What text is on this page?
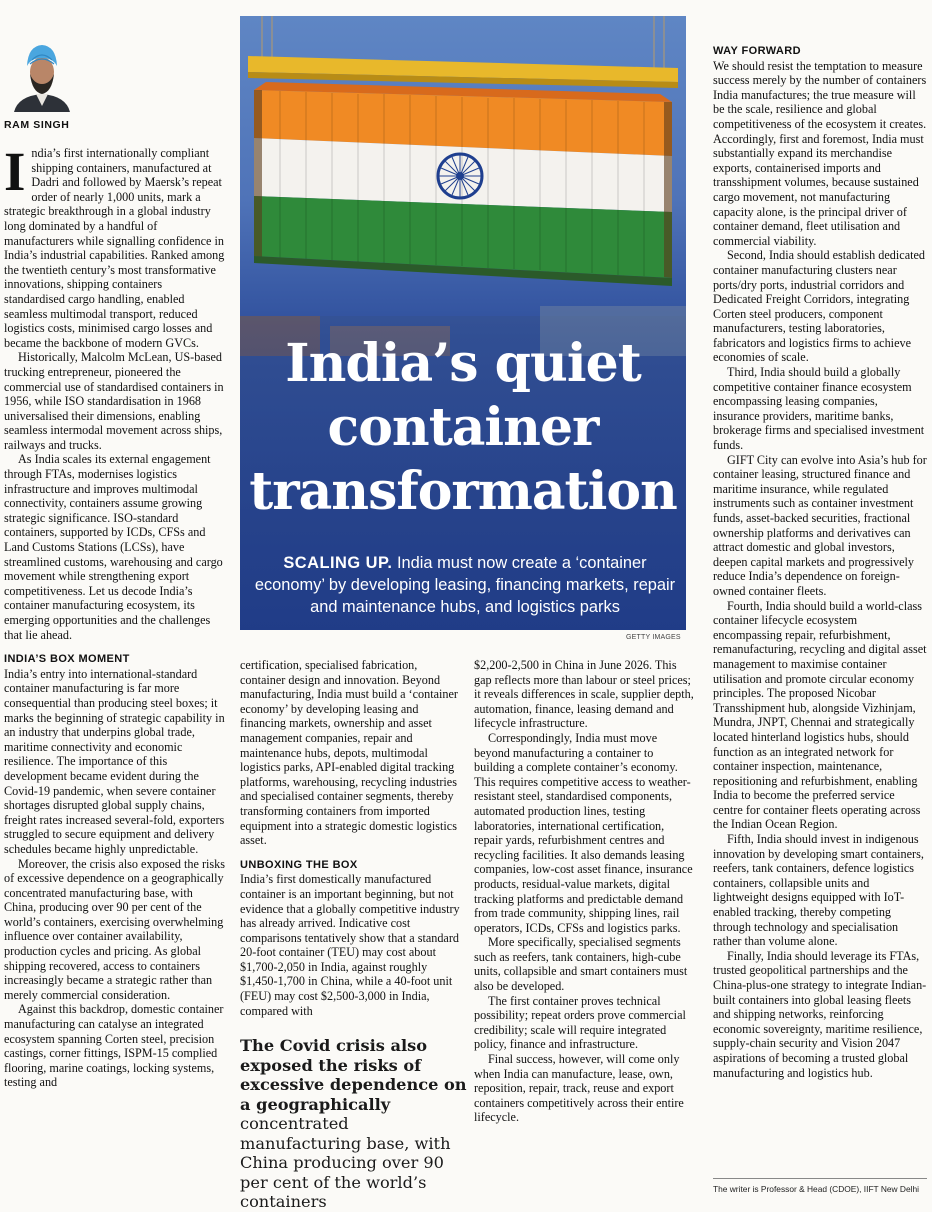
RAM SINGH

India’s first internationally compliant shipping containers, manufactured at Dadri and followed by Maersk’s repeat order of nearly 1,000 units, mark a strategic breakthrough in a global industry long dominated by a handful of manufacturers while signalling confidence in India’s industrial capabilities. Ranked among the twentieth century’s most transformative innovations, shipping containers standardised cargo handling, enabled seamless multimodal transport, reduced logistics costs, minimised cargo losses and became the backbone of modern GVCs.

Historically, Malcolm McLean, US-based trucking entrepreneur, pioneered the commercial use of standardised containers in 1956, while ISO standardisation in 1968 universalised their dimensions, enabling seamless intermodal movement across ships, railways and trucks.

As India scales its external engagement through FTAs, modernises logistics infrastructure and improves multimodal connectivity, containers assume growing strategic significance. ISO-standard containers, supported by ICDs, CFSs and Land Customs Stations (LCSs), have streamlined customs, warehousing and cargo movement while strengthening export competitiveness. Let us decode India’s container manufacturing ecosystem, its emerging opportunities and the challenges that lie ahead.

INDIA’S BOX MOMENT

India’s entry into international-standard container manufacturing is far more consequential than producing steel boxes; it marks the beginning of strategic capability in an industry that underpins global trade, maritime connectivity and economic resilience. The importance of this development became evident during the Covid-19 pandemic, when severe container shortages disrupted global supply chains, freight rates increased several-fold, exporters struggled to secure equipment and delivery schedules became highly unpredictable.

Moreover, the crisis also exposed the risks of excessive dependence on a geographically concentrated manufacturing base, with China, producing over 90 per cent of the world’s containers, exercising overwhelming influence over container availability, production cycles and pricing. As global shipping recovered, access to containers increasingly became a strategic rather than merely commercial consideration.

Against this backdrop, domestic container manufacturing can catalyse an integrated ecosystem spanning Corten steel, precision castings, corner fittings, ISPM-15 complied flooring, marine coatings, locking systems, testing and

India’s quiet
container
transformation
SCALING UP. India must now create a ‘container economy’ by developing leasing, financing markets, repair and maintenance hubs, and logistics parks
GETTY IMAGES

certification, specialised fabrication, container design and innovation. Beyond manufacturing, India must build a ‘container economy’ by developing leasing and financing markets, ownership and asset management companies, repair and maintenance hubs, depots, multimodal logistics parks, API-enabled digital tracking platforms, warehousing, recycling industries and specialised container segments, thereby transforming containers from imported equipment into a strategic domestic logistics asset.

UNBOXING THE BOX

India’s first domestically manufactured container is an important beginning, but not evidence that a globally competitive industry has already arrived. Indicative cost comparisons tentatively show that a standard 20-foot container (TEU) may cost about $1,700-2,050 in India, against roughly $1,450-1,700 in China, while a 40-foot unit (FEU) may cost $2,500-3,000 in India, compared with

The Covid crisis also exposed the risks of excessive dependence on a geographically concentrated manufacturing base, with China producing over 90 per cent of the world’s containers

$2,200-2,500 in China in June 2026. This gap reflects more than labour or steel prices; it reveals differences in scale, supplier depth, automation, finance, leasing demand and lifecycle infrastructure.

Correspondingly, India must move beyond manufacturing a container to building a complete container’s economy. This requires competitive access to weather-resistant steel, standardised components, automated production lines, testing laboratories, international certification, repair yards, refurbishment centres and recycling facilities. It also demands leasing companies, low-cost asset finance, insurance products, residual-value markets, digital tracking platforms and predictable demand from trade community, shipping lines, rail operators, ICDs, CFSs and logistics parks.

More specifically, specialised segments such as reefers, tank containers, high-cube units, collapsible and smart containers must also be developed.

The first container proves technical possibility; repeat orders prove commercial credibility; scale will require integrated policy, finance and infrastructure.

Final success, however, will come only when India can manufacture, lease, own, reposition, repair, track, reuse and export containers competitively across their entire lifecycle.

WAY FORWARD

We should resist the temptation to measure success merely by the number of containers India manufactures; the true measure will be the scale, resilience and global competitiveness of the ecosystem it creates. Accordingly, first and foremost, India must substantially expand its merchandise exports, containerised imports and transshipment volumes, because sustained cargo movement, not manufacturing capacity alone, is the principal driver of container demand, fleet utilisation and commercial viability.

Second, India should establish dedicated container manufacturing clusters near ports/dry ports, industrial corridors and Dedicated Freight Corridors, integrating Corten steel producers, component manufacturers, testing laboratories, fabricators and logistics firms to achieve economies of scale.

Third, India should build a globally competitive container finance ecosystem encompassing leasing companies, insurance providers, maritime banks, brokerage firms and specialised investment funds.

GIFT City can evolve into Asia’s hub for container leasing, structured finance and maritime insurance, while regulated instruments such as container investment funds, asset-backed securities, fractional ownership platforms and derivatives can attract domestic and global investors, deepen capital markets and progressively reduce India’s dependence on foreign-owned container fleets.

Fourth, India should build a world-class container lifecycle ecosystem encompassing repair, refurbishment, remanufacturing, recycling and digital asset management to maximise container utilisation and promote circular economy principles. The proposed Nicobar Transshipment hub, alongside Vizhinjam, Mundra, JNPT, Chennai and strategically located hinterland logistics hubs, should function as an integrated network for container inspection, maintenance, repositioning and refurbishment, enabling India to become the preferred service centre for container fleets operating across the Indian Ocean Region.

Fifth, India should invest in indigenous innovation by developing smart containers, reefers, tank containers, defence logistics containers, collapsible units and lightweight designs equipped with IoT-enabled tracking, thereby competing through technology and specialisation rather than volume alone.

Finally, India should leverage its FTAs, trusted geopolitical partnerships and the China-plus-one strategy to integrate Indian-built containers into global leasing fleets and shipping networks, reinforcing economic sovereignty, maritime resilience, supply-chain security and Vision 2047 aspirations of becoming a trusted global manufacturing and logistics hub.

The writer is Professor & Head (CDOE), IIFT New Delhi
